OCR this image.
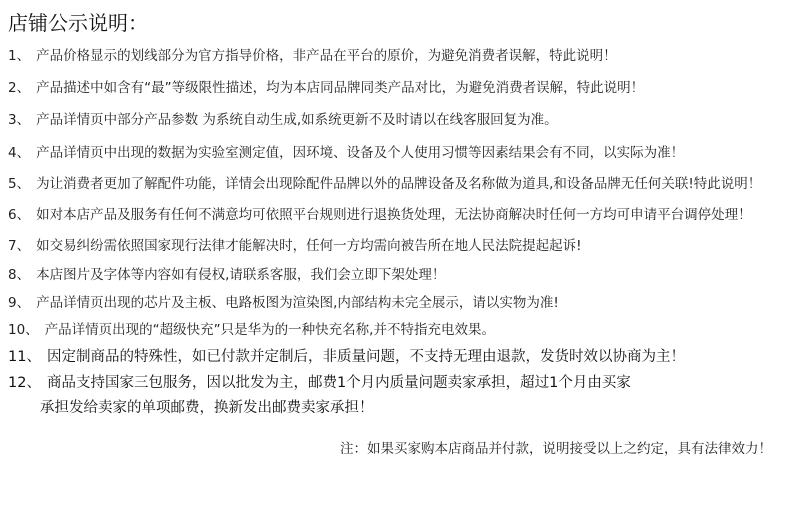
店铺公示说明：
1、 产品价格显示的划线部分为官方指导价格，非产品在平台的原价，为避免消费者误解，特此说明！
2、 产品描述中如含有“最”等级限性描述，均为本店同品牌同类产品对比，为避免消费者误解，特此说明！
3、 产品详情页中部分产品参数 为系统自动生成,如系统更新不及时请以在线客服回复为准。
4、 产品详情页中出现的数据为实验室测定值，因环境、设备及个人使用习惯等因素结果会有不同，以实际为准！
5、 为让消费者更加了解配件功能，详情会出现除配件品牌以外的品牌设备及名称做为道具,和设备品牌无任何关联!特此说明！
6、 如对本店产品及服务有任何不满意均可依照平台规则进行退换货处理，无法协商解决时任何一方均可申请平台调停处理！
7、 如交易纠纷需依照国家现行法律才能解决时，任何一方均需向被告所在地人民法院提起起诉!
8、 本店图片及字体等内容如有侵权,请联系客服，我们会立即下架处理！
9、 产品详情页出现的芯片及主板、电路板图为渲染图,内部结构未完全展示，请以实物为准!
10、 产品详情页出现的“超级快充”只是华为的一种快充名称,并不特指充电效果。
11、 因定制商品的特殊性，如已付款并定制后，非质量问题，不支持无理由退款，发货时效以协商为主！
12、 商品支持国家三包服务，因以批发为主，邮费1个月内质量问题卖家承担，超过1个月由买家
承担发给卖家的单项邮费，换新发出邮费卖家承担！
注：如果买家购本店商品并付款，说明接受以上之约定，具有法律效力！
